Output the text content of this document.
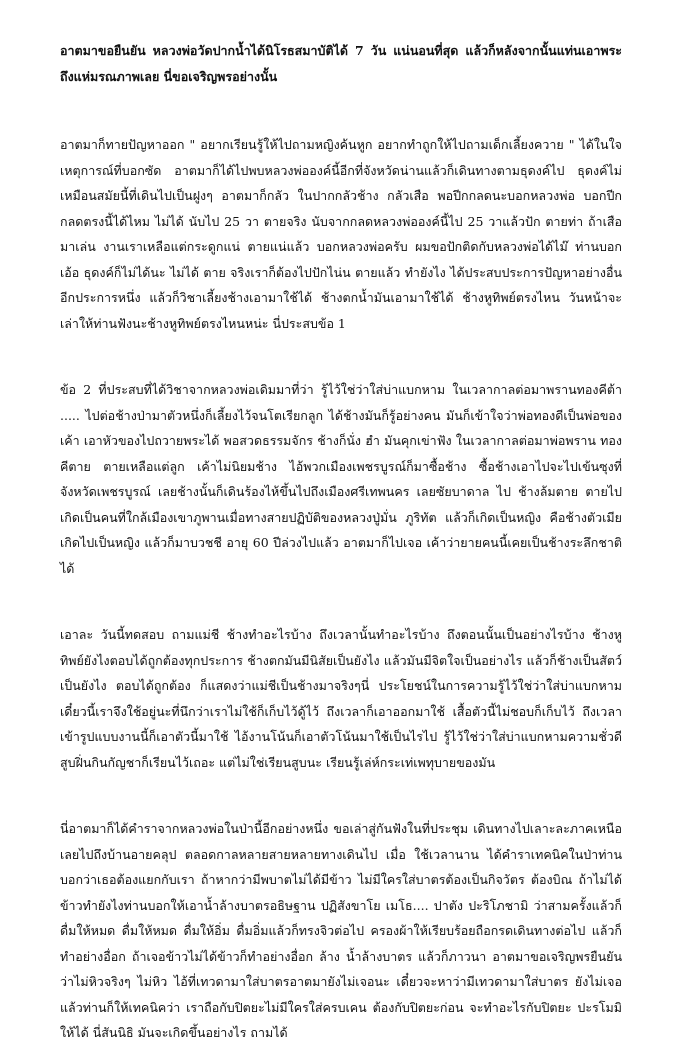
อาตมาขอยืนยัน หลวงพ่อวัดปากน้ำได้นิโรธสมาบัติได้ 7 วัน แน่นอนที่สุด แล้วก็หลังจากนั้นแท่นเอาพระถึงแห่มรณภาพเลย นี่ขอเจริญพรอย่างนั้น
อาตมาก็ทายปัญหาออก " อยากเรียนรู้ให้ไปถามหญิงค้นหูก อยากทำถูกให้ไปถามเด็กเลี้ยงควาย " ได้ในใจเหตุการณ์ที่บอกซัด อาตมาก็ได้ไปพบหลวงพ่อองค์นี้อีกที่จังหวัดน่านแล้วก็เดินทางตามธุดงค์ไป ธุดงค์ไม่เหมือนสมัยนี้ที่เดินไปเป็นฝูงๆ อาตมาก็กลัว ในปากกลัวช้าง กลัวเสือ พอปีกกลดนะบอกหลวงพ่อ บอกปีกกลดตรงนี้ได้ไหม ไม่ได้ นับไป 25 วา ตายจริง นับจากกลดหลวงพ่อองค์นี้ไป 25 วาแล้วปัก ตายท่า ถ้าเสือมาเล่น งานเราเหลือแต่กระดูกแน่ ตายแน่แล้ว บอกหลวงพ่อครับ ผมขอปักติดกับหลวงพ่อได้ไม๊ ท่านบอก เอ้อ ธุดงค์ก็ไม่ได้นะ ไม่ได้ ตาย จริงเราก็ต้องไปปักไน่น ตายแล้ว ทำยังไง ได้ประสบประการปัญหาอย่างอื่นอีกประการหนึ่ง แล้วก็วิชาเลี้ยงช้างเอามาใช้ได้ ช้างตกน้ำมันเอามาใช้ได้ ช้างหูทิพย์ตรงไหน วันหน้าจะเล่าให้ท่านฟังนะช้างหูทิพย์ตรงไหนหน่ะ นี่ประสบข้อ 1
ข้อ 2 ที่ประสบที่ได้วิชาจากหลวงพ่อเดิมมาที่ว่า รู้ไว้ใช่ว่าใส่บ่าแบกหาม ในเวลากาลต่อมาพรานทองคีต้า ..... ไปต่อช้างป่ามาตัวหนึ่งก็เลี้ยงไว้จนโตเรียกลูก ได้ช้างมันก็รู้อย่างคน มันก็เข้าใจว่าพ่อทองดีเป็นพ่อของเค้า เอาหัวของไปถวายพระได้ พอสวดธรรมจักร ช้างก็นั่ง ฮำ มันคุกเข่าฟัง ในเวลากาลต่อมาพ่อพราน ทองคีตาย ตายเหลือแต่ลูก เค้าไม่นิยมช้าง ไอ้พวกเมืองเพชรบูรณ์ก็มาซื้อช้าง ซื้อช้างเอาไปจะไปเข้นซุงที่จังหวัดเพชรบูรณ์ เลยช้างนั้นก็เดินร้องไห้ขึ้นไปถึงเมืองศรีเทพนคร เลยซัยบาดาล ไป ช้างล้มตาย ตายไปเกิดเป็นคนที่ใกล้เมืองเขาภูพานเมื่อทางสายปฏิบัติของหลวงปู่มั่น ภูริทัต แล้วก็เกิดเป็นหญิง คือช้างตัวเมียเกิดไปเป็นหญิง แล้วก็มาบวชชี อายุ 60 ปีล่วงไปแล้ว อาตมาก็ไปเจอ เค้าว่ายายคนนี้เคยเป็นช้างระลึกชาติได้
เอาละ วันนี้ทดสอบ ถามแม่ชี ช้างทำอะไรบ้าง ถึงเวลานั้นทำอะไรบ้าง ถึงตอนนั้นเป็นอย่างไรบ้าง ช้างหูทิพย์ยังไงตอบได้ถูกต้องทุกประการ ช้างตกมันมีนิสัยเป็นยังไง แล้วมันมีจิตใจเป็นอย่างไร แล้วก็ช้างเป็นสัตว์เป็นยังไง ตอบได้ถูกต้อง ก็แสดงว่าแม่ชีเป็นช้างมาจริงๆนี่ ประโยชน์ในการความรู้ไว้ใช่ว่าใส่บ่าแบกหาม เดี๋ยวนี้เราจึงใช้อยู่นะที่นึกว่าเราไม่ใช้ก็เก็บไว้ดู้ไว้ ถึงเวลาก็เอาออกมาใช้ เสื้อตัวนี้ไม่ชอบก็เก็บไว้ ถึงเวลาเข้ารูปแบบงานนี้ก็เอาตัวนี้มาใช้ ไอ้งานโน้นก็เอาตัวโน้นมาใช้เป็นไรไป รู้ไว้ใช่ว่าใส่บ่าแบกหามความชั่วดี สูบฝิ่นกินกัญชาก็เรียนไว้เถอะ แต่ไม่ใช่เรียนสูบนะ เรียนรู้เล่ห์กระเท่เพทุบายของมัน
นี่อาตมาก็ได้คำราจากหลวงพ่อในป่านี้อีกอย่างหนึ่ง ขอเล่าสู่กันฟังในที่ประชุม เดินทางไปเลาะละภาคเหนือ เลยไปถึงบ้านอายคลุป ตลอดกาลหลายสายหลายทางเดินไป เมื่อ ใช้เวลานาน ได้คำราเทคนิคในป่าท่านบอกว่าเธอต้องแยกกับเรา ถ้าหากว่ามีพบาตไม่ได้มีข้าว ไม่มีใครใส่บาตรต้องเป็นกิจวัตร ต้องบิณ ถ้าไม่ได้ข้าวทำยังไงท่านบอกให้เอาน้ำล้างบาตรอธิษฐาน ปฏิสังขาโย เมโธ.... ปาตัง ปะริโภชามิ ว่าสามครั้งแล้วก็ดื่มให้หมด ดื่มให้หมด ดื่มให้อิ่ม ดื่มอิ่มแล้วก็ทรงจิวต่อไป ครองผ้าให้เรียบร้อยถือกรดเดินทางต่อไป แล้วก็ทำอย่างอื่อก ถ้าเจอข้าวไม่ได้ข้าวก็ทำอย่างอื่อก ล้าง น้ำล้างบาตร แล้วก็ภาวนา อาตมาขอเจริญพรยืนยันว่าไม่หิวจริงๆ ไม่หิว ไอ้ที่เทวดามาใส่บาตรอาตมายังไม่เจอนะ เดี๋ยวจะหาว่ามีเทวดามาใส่บาตร ยังไม่เจอ แล้วท่านก็ให้เทคนิคว่า เราถือกับปิตยะไม่มีใครใส่ครบเคน ต้องกับปิตยะก่อน จะทำอะไรกับปิตยะ ปะรโมมิ ให้ได้ นี่สันนิธิ มันจะเกิดขึ้นอย่างไร ถามได้
